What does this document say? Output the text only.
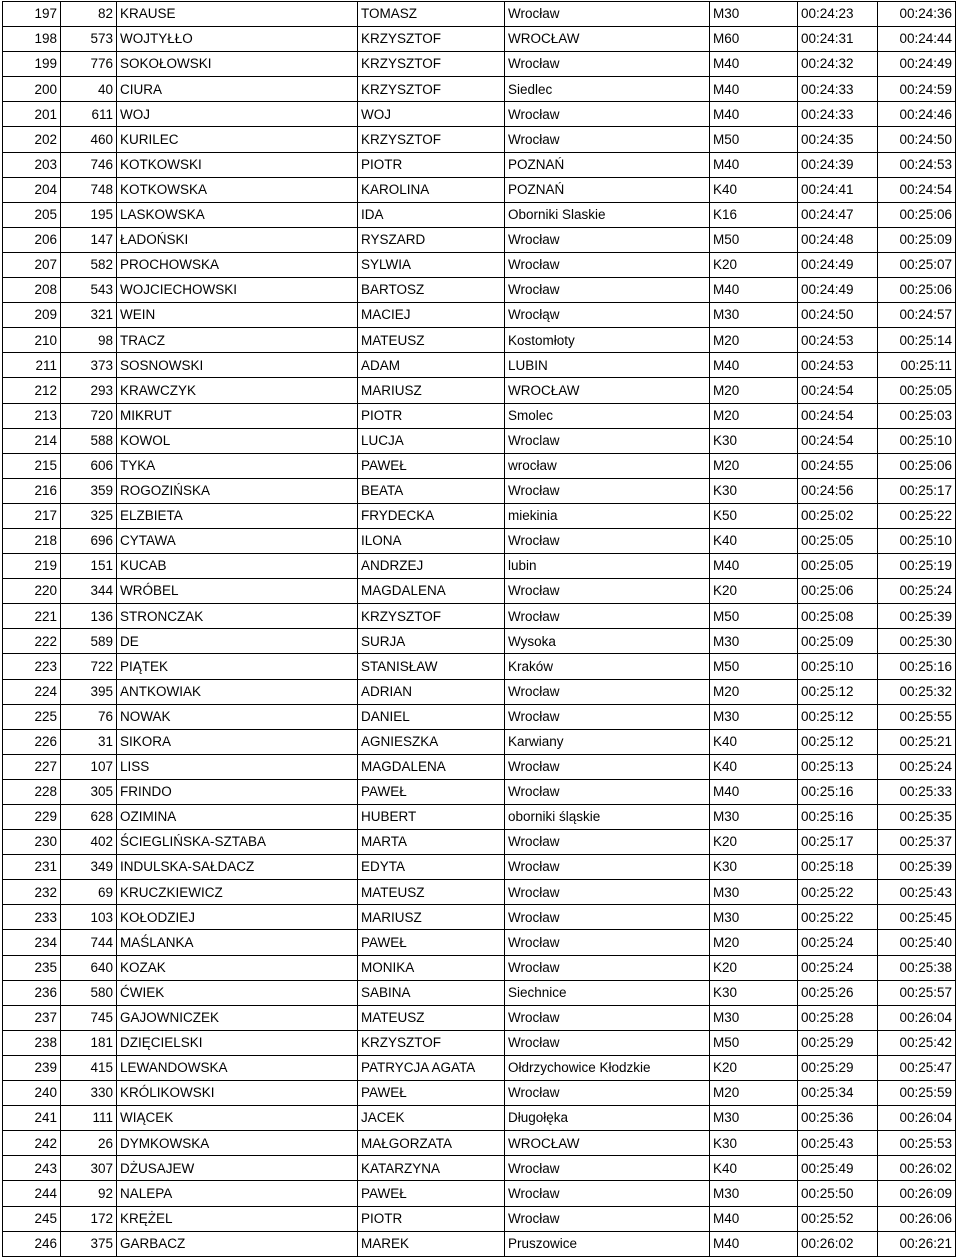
197	82	KRAUSE	TOMASZ	Wrocław	M30	00:24:23	00:24:36
198	573	WOJTYŁŁO	KRZYSZTOF	WROCŁAW	M60	00:24:31	00:24:44
199	776	SOKOŁOWSKI	KRZYSZTOF	Wrocław	M40	00:24:32	00:24:49
200	40	CIURA	KRZYSZTOF	Siedlec	M40	00:24:33	00:24:59
201	611	WOJ	WOJ	Wrocław	M40	00:24:33	00:24:46
202	460	KURILEC	KRZYSZTOF	Wrocław	M50	00:24:35	00:24:50
203	746	KOTKOWSKI	PIOTR	POZNAŃ	M40	00:24:39	00:24:53
204	748	KOTKOWSKA	KAROLINA	POZNAŃ	K40	00:24:41	00:24:54
205	195	LASKOWSKA	IDA	Oborniki Slaskie	K16	00:24:47	00:25:06
206	147	ŁADOŃSKI	RYSZARD	Wrocław	M50	00:24:48	00:25:09
207	582	PROCHOWSKA	SYLWIA	Wrocław	K20	00:24:49	00:25:07
208	543	WOJCIECHOWSKI	BARTOSZ	Wrocław	M40	00:24:49	00:25:06
209	321	WEIN	MACIEJ	Wrocłąw	M30	00:24:50	00:24:57
210	98	TRACZ	MATEUSZ	Kostomłoty	M20	00:24:53	00:25:14
211	373	SOSNOWSKI	ADAM	LUBIN	M40	00:24:53	00:25:11
212	293	KRAWCZYK	MARIUSZ	WROCŁAW	M20	00:24:54	00:25:05
213	720	MIKRUT	PIOTR	Smolec	M20	00:24:54	00:25:03
214	588	KOWOL	LUCJA	Wroclaw	K30	00:24:54	00:25:10
215	606	TYKA	PAWEŁ	wrocław	M20	00:24:55	00:25:06
216	359	ROGOZIŃSKA	BEATA	Wrocław	K30	00:24:56	00:25:17
217	325	ELZBIETA	FRYDECKA	miekinia	K50	00:25:02	00:25:22
218	696	CYTAWA	ILONA	Wrocław	K40	00:25:05	00:25:10
219	151	KUCAB	ANDRZEJ	lubin	M40	00:25:05	00:25:19
220	344	WRÓBEL	MAGDALENA	Wrocław	K20	00:25:06	00:25:24
221	136	STRONCZAK	KRZYSZTOF	Wrocław	M50	00:25:08	00:25:39
222	589	DE	SURJA	Wysoka	M30	00:25:09	00:25:30
223	722	PIĄTEK	STANISŁAW	Kraków	M50	00:25:10	00:25:16
224	395	ANTKOWIAK	ADRIAN	Wrocław	M20	00:25:12	00:25:32
225	76	NOWAK	DANIEL	Wrocław	M30	00:25:12	00:25:55
226	31	SIKORA	AGNIESZKA	Karwiany	K40	00:25:12	00:25:21
227	107	LISS	MAGDALENA	Wrocław	K40	00:25:13	00:25:24
228	305	FRINDO	PAWEŁ	Wrocław	M40	00:25:16	00:25:33
229	628	OZIMINA	HUBERT	oborniki śląskie	M30	00:25:16	00:25:35
230	402	ŚCIEGLIŃSKA-SZTABA	MARTA	Wrocław	K20	00:25:17	00:25:37
231	349	INDULSKA-SAŁDACZ	EDYTA	Wrocław	K30	00:25:18	00:25:39
232	69	KRUCZKIEWICZ	MATEUSZ	Wrocław	M30	00:25:22	00:25:43
233	103	KOŁODZIEJ	MARIUSZ	Wrocław	M30	00:25:22	00:25:45
234	744	MAŚLANKA	PAWEŁ	Wrocław	M20	00:25:24	00:25:40
235	640	KOZAK	MONIKA	Wrocław	K20	00:25:24	00:25:38
236	580	ĆWIEK	SABINA	Siechnice	K30	00:25:26	00:25:57
237	745	GAJOWNICZEK	MATEUSZ	Wrocław	M30	00:25:28	00:26:04
238	181	DZIĘCIELSKI	KRZYSZTOF	Wrocław	M50	00:25:29	00:25:42
239	415	LEWANDOWSKA	PATRYCJA AGATA	Ołdrzychowice Kłodzkie	K20	00:25:29	00:25:47
240	330	KRÓLIKOWSKI	PAWEŁ	Wrocław	M20	00:25:34	00:25:59
241	111	WIĄCEK	JACEK	Długołęka	M30	00:25:36	00:26:04
242	26	DYMKOWSKA	MAŁGORZATA	WROCŁAW	K30	00:25:43	00:25:53
243	307	DŻUSAJEW	KATARZYNA	Wrocław	K40	00:25:49	00:26:02
244	92	NALEPA	PAWEŁ	Wrocław	M30	00:25:50	00:26:09
245	172	KRĘŻEL	PIOTR	Wrocław	M40	00:25:52	00:26:06
246	375	GARBACZ	MAREK	Pruszowice	M40	00:26:02	00:26:21
